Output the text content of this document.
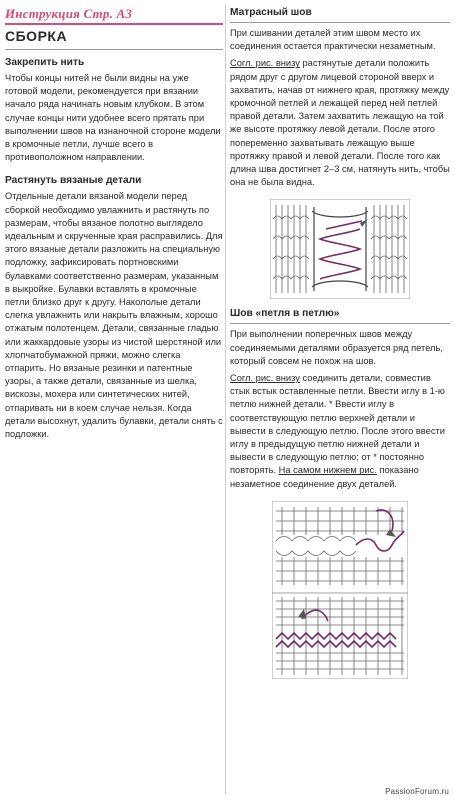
Инструкция Стр. А3
СБОРКА
Закрепить нить
Чтобы концы нитей не были видны на уже готовой модели, рекомендуется при вязании начало ряда начинать новым клубком. В этом случае концы нити удобнее всего прятать при выполнении швов на изнаночной стороне модели в кромочные петли, лучше всего в противоположном направлении.
Растянуть вязаные детали
Отдельные детали вязаной модели перед сборкой необходимо увлажнить и растянуть по размерам, чтобы вязаное полотно выглядело идеальным и скрученные края расправились. Для этого вязаные детали разложить на специальную подложку, зафиксировать портновскими булавками соответственно размерам, указанным в выкройке. Булавки вставлять в кромочные петли близко друг к другу. Накололые детали слегка увлажнить или накрыть влажным, хорошо отжатым полотенцем. Детали, связанные гладью или жаккардовые узоры из чистой шерстяной или хлопчатобумажной пряжи, можно слегка отпарить. Но вязаные резинки и патентные узоры, а также детали, связанные из шелка, вискозы, мохера или синтетических нитей, отпаривать ни в коем случае нельзя. Когда детали высохнут, удалить булавки, детали снять с подложки.
Матрасный шов
При сшивании деталей этим швом место их соединения остается практически незаметным.
Согл. рис. внизу растянутые детали положить рядом друг с другом лицевой стороной вверх и захватить, начав от нижнего края, протяжку между кромочной петлей и лежащей перед ней петлей правой детали. Затем захватить лежащую на той же высоте протяжку левой детали. После этого попеременно захватывать лежащую выше протяжку правой и левой детали. После того как длина шва достигнет 2–3 см, натянуть нить, чтобы она не была видна.
Шов «петля в петлю»
При выполнении поперечных швов между соединяемыми деталями образуется ряд петель, который совсем не похож на шов.
Согл. рис. внизу соединить детали, совместив стык встык оставленные петли. Ввести иглу в 1-ю петлю нижней детали. * Ввести иглу в соответствующую петлю верхней детали и вывести в следующую петлю. После этого ввести иглу в предыдущую петлю нижней детали и вывести в следующую петлю; от * постоянно повторять. На самом нижнем рис. показано незаметное соединение двух деталей.
PassionForum.ru
